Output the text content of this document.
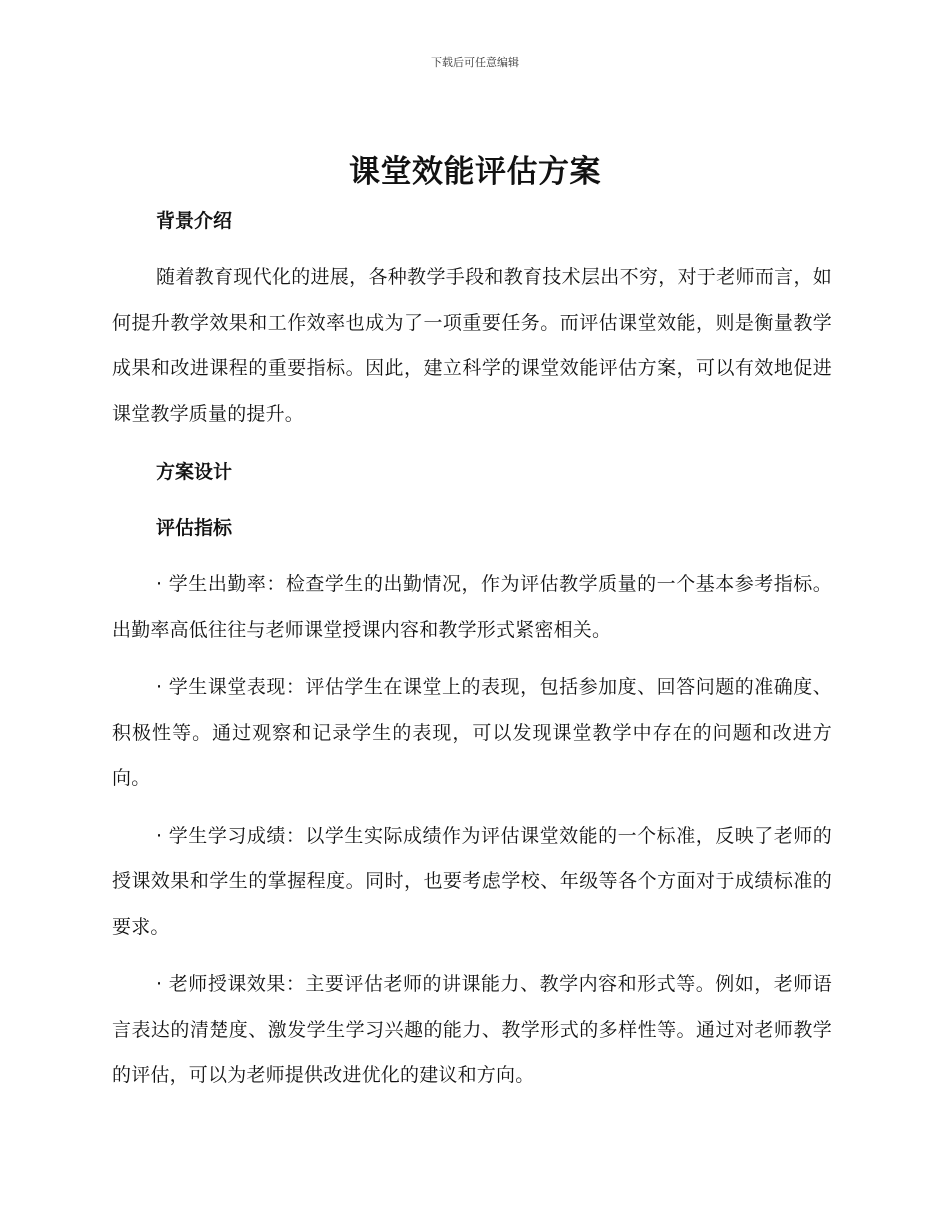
下载后可任意编辑
课堂效能评估方案

背景介绍

随着教育现代化的进展，各种教学手段和教育技术层出不穷，对于老师而言，如何提升教学效果和工作效率也成为了一项重要任务。而评估课堂效能，则是衡量教学成果和改进课程的重要指标。因此，建立科学的课堂效能评估方案，可以有效地促进课堂教学质量的提升。

方案设计

评估指标

· 学生出勤率：检查学生的出勤情况，作为评估教学质量的一个基本参考指标。出勤率高低往往与老师课堂授课内容和教学形式紧密相关。

· 学生课堂表现：评估学生在课堂上的表现，包括参加度、回答问题的准确度、积极性等。通过观察和记录学生的表现，可以发现课堂教学中存在的问题和改进方向。

· 学生学习成绩：以学生实际成绩作为评估课堂效能的一个标准，反映了老师的授课效果和学生的掌握程度。同时，也要考虑学校、年级等各个方面对于成绩标准的要求。

· 老师授课效果：主要评估老师的讲课能力、教学内容和形式等。例如，老师语言表达的清楚度、激发学生学习兴趣的能力、教学形式的多样性等。通过对老师教学的评估，可以为老师提供改进优化的建议和方向。
